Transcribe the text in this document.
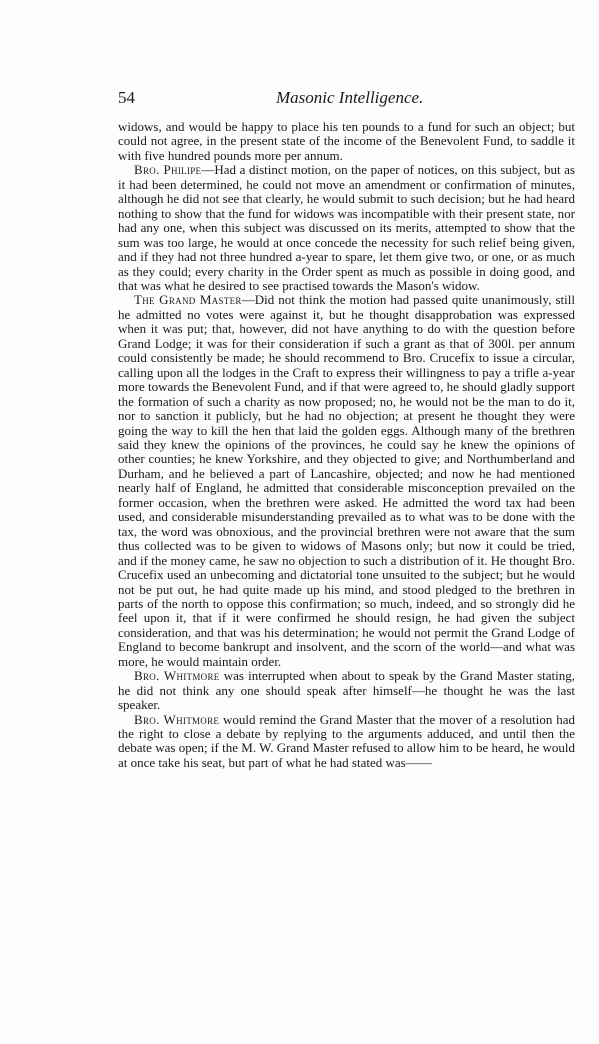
54	Masonic Intelligence.

widows, and would be happy to place his ten pounds to a fund for such an object; but could not agree, in the present state of the income of the Benevolent Fund, to saddle it with five hundred pounds more per annum.

Bro. Philipe—Had a distinct motion, on the paper of notices, on this subject, but as it had been determined, he could not move an amendment or confirmation of minutes, although he did not see that clearly, he would submit to such decision; but he had heard nothing to show that the fund for widows was incompatible with their present state, nor had any one, when this subject was discussed on its merits, attempted to show that the sum was too large, he would at once concede the necessity for such relief being given, and if they had not three hundred a-year to spare, let them give two, or one, or as much as they could; every charity in the Order spent as much as possible in doing good, and that was what he desired to see practised towards the Mason's widow.

The Grand Master—Did not think the motion had passed quite unanimously, still he admitted no votes were against it, but he thought disapprobation was expressed when it was put; that, however, did not have anything to do with the question before Grand Lodge; it was for their consideration if such a grant as that of 300l. per annum could consistently be made; he should recommend to Bro. Crucefix to issue a circular, calling upon all the lodges in the Craft to express their willingness to pay a trifle a-year more towards the Benevolent Fund, and if that were agreed to, he should gladly support the formation of such a charity as now proposed; no, he would not be the man to do it, nor to sanction it publicly, but he had no objection; at present he thought they were going the way to kill the hen that laid the golden eggs. Although many of the brethren said they knew the opinions of the provinces, he could say he knew the opinions of other counties; he knew Yorkshire, and they objected to give; and Northumberland and Durham, and he believed a part of Lancashire, objected; and now he had mentioned nearly half of England, he admitted that considerable misconception prevailed on the former occasion, when the brethren were asked. He admitted the word tax had been used, and considerable misunderstanding prevailed as to what was to be done with the tax, the word was obnoxious, and the provincial brethren were not aware that the sum thus collected was to be given to widows of Masons only; but now it could be tried, and if the money came, he saw no objection to such a distribution of it. He thought Bro. Crucefix used an unbecoming and dictatorial tone unsuited to the subject; but he would not be put out, he had quite made up his mind, and stood pledged to the brethren in parts of the north to oppose this confirmation; so much, indeed, and so strongly did he feel upon it, that if it were confirmed he should resign, he had given the subject consideration, and that was his determination; he would not permit the Grand Lodge of England to become bankrupt and insolvent, and the scorn of the world—and what was more, he would maintain order.

Bro. Whitmore was interrupted when about to speak by the Grand Master stating, he did not think any one should speak after himself—he thought he was the last speaker.

Bro. Whitmore would remind the Grand Master that the mover of a resolution had the right to close a debate by replying to the arguments adduced, and until then the debate was open; if the M. W. Grand Master refused to allow him to be heard, he would at once take his seat, but part of what he had stated was——
